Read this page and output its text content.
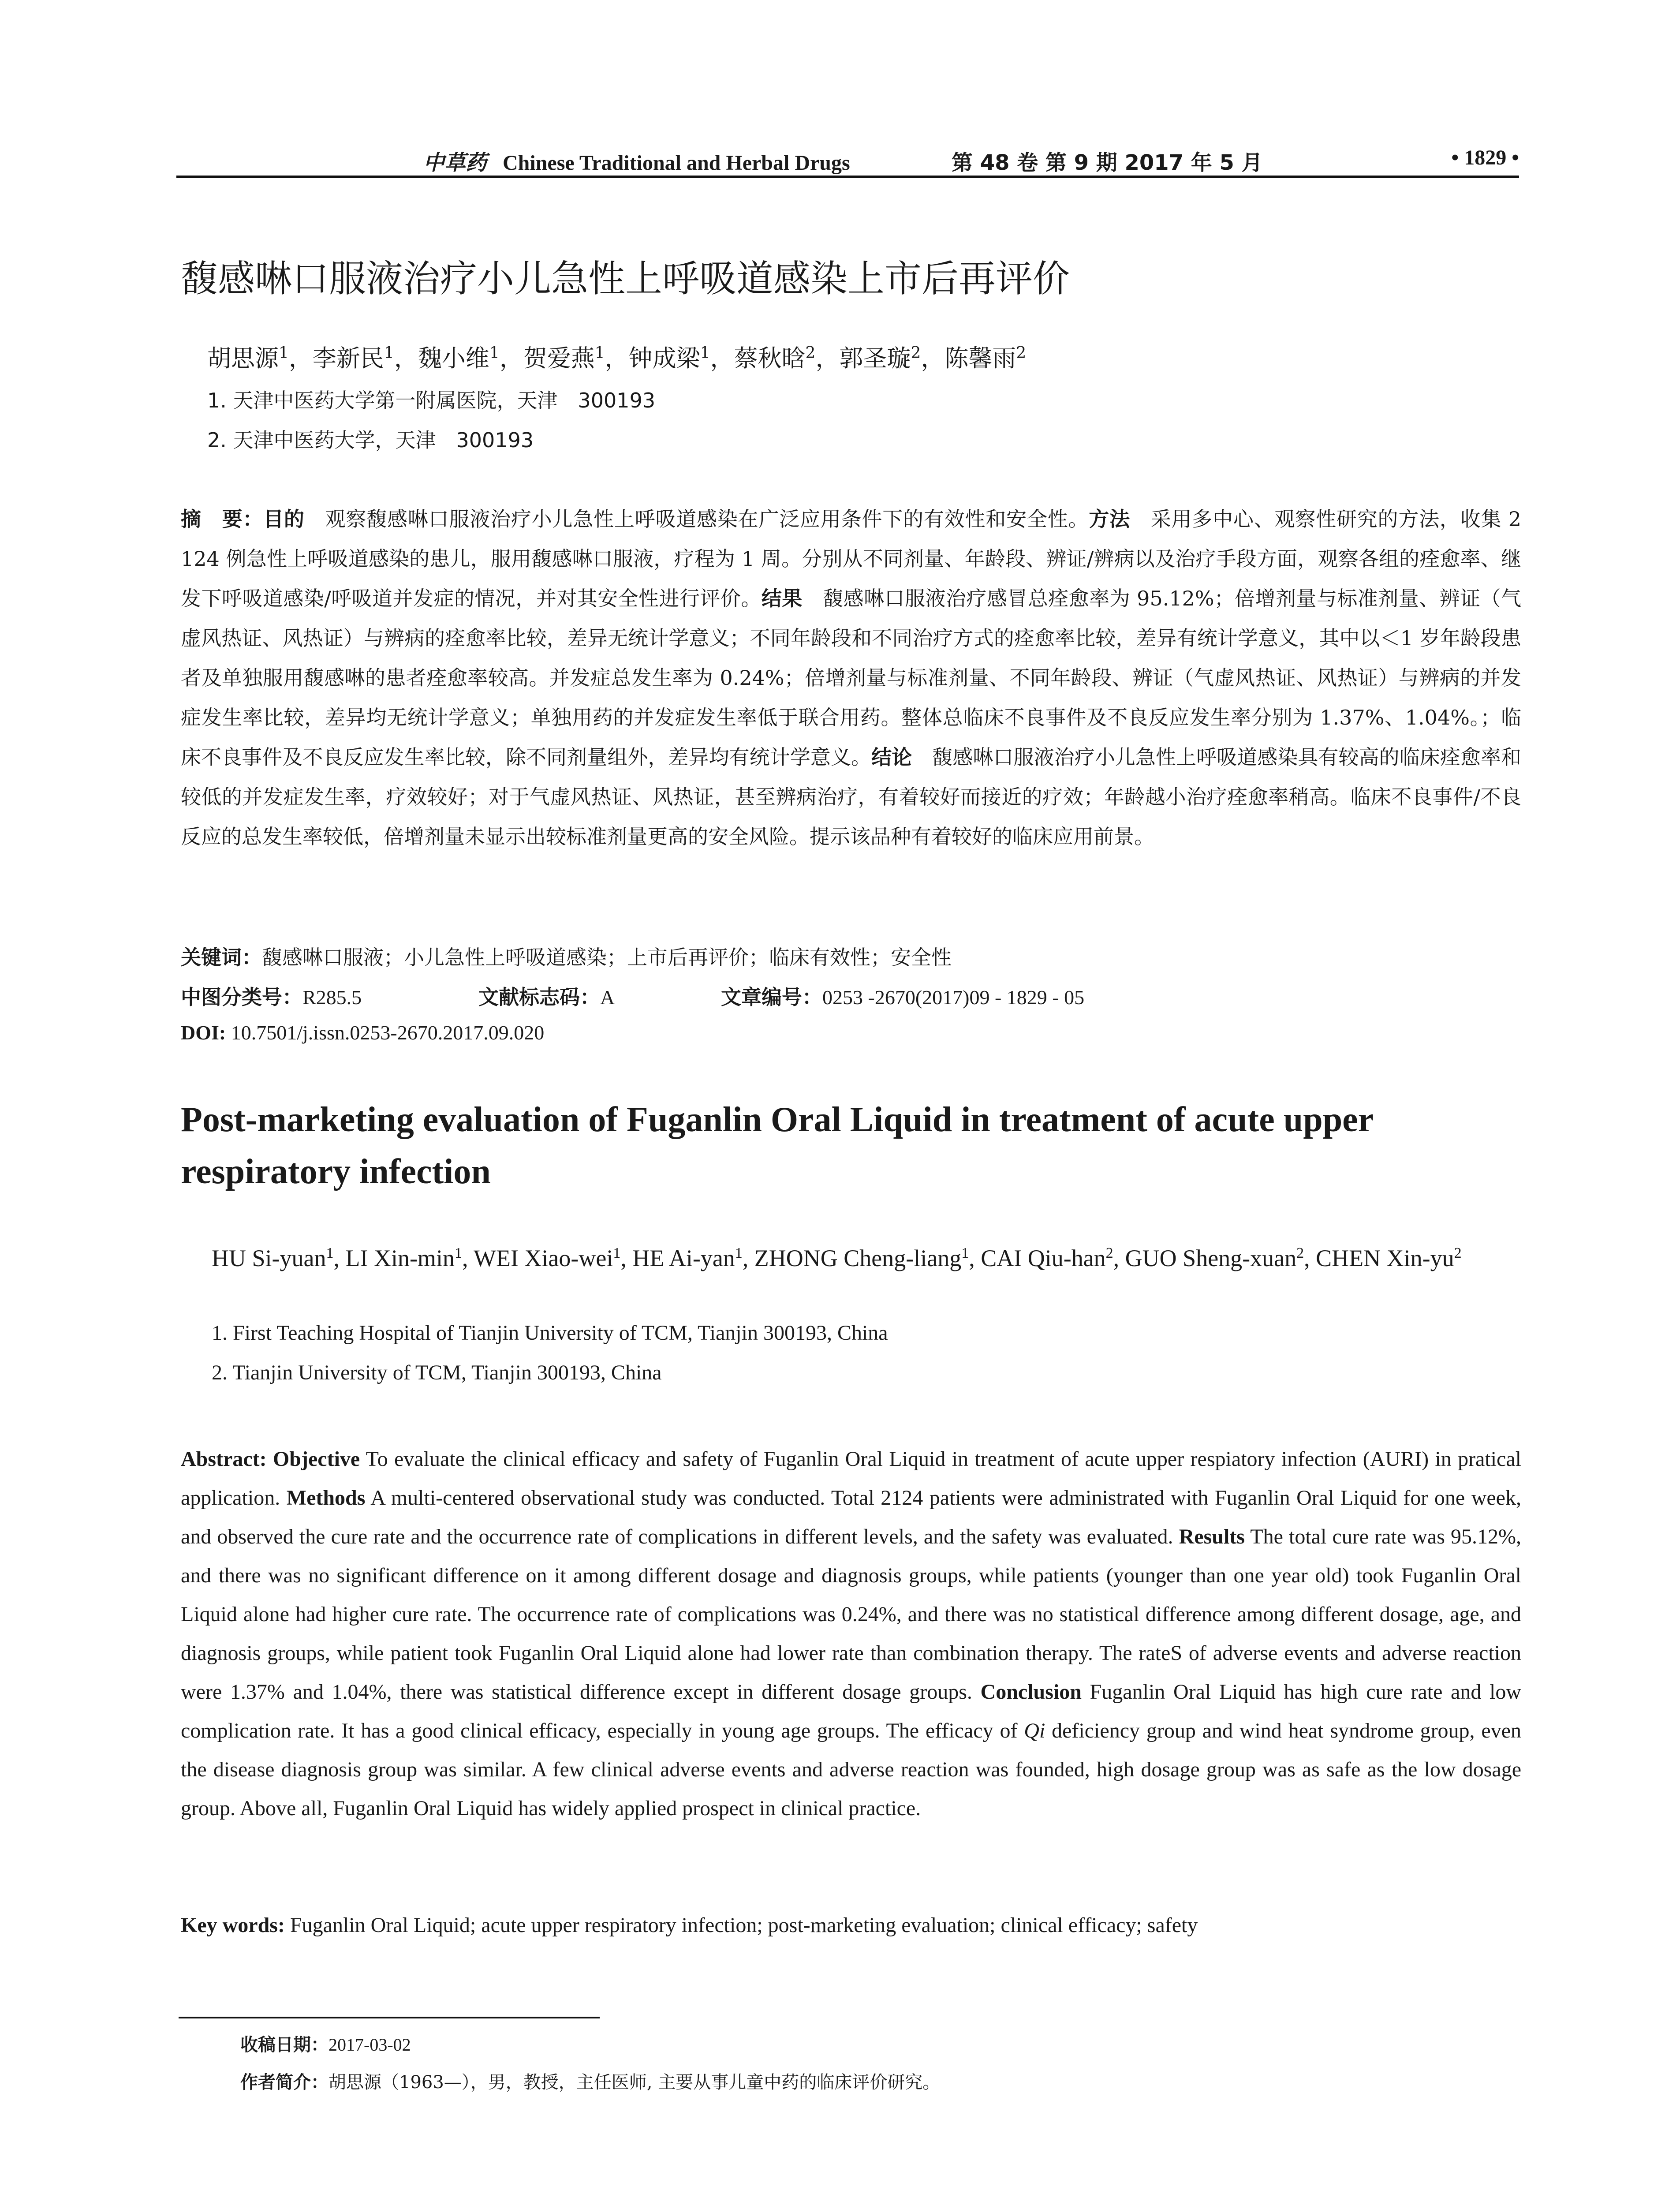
中草药 Chinese Traditional and Herbal Drugs	第 48 卷 第 9 期 2017 年 5 月	• 1829 •
馥感啉口服液治疗小儿急性上呼吸道感染上市后再评价
胡思源$^1$，李新民$^1$，魏小维$^1$，贺爱燕$^1$，钟成梁$^1$，蔡秋晗$^2$，郭圣璇$^2$，陈馨雨$^2$
1. 天津中医药大学第一附属医院，天津　300193
2. 天津中医药大学，天津　300193
摘　要：目的　观察馥感啉口服液治疗小儿急性上呼吸道感染在广泛应用条件下的有效性和安全性。方法　采用多中心、观察性研究的方法，收集 2 124 例急性上呼吸道感染的患儿，服用馥感啉口服液，疗程为 1 周。分别从不同剂量、年龄段、辨证/辨病以及治疗手段方面，观察各组的痊愈率、继发下呼吸道感染/呼吸道并发症的情况，并对其安全性进行评价。结果　馥感啉口服液治疗感冒总痊愈率为 95.12%；倍增剂量与标准剂量、辨证（气虚风热证、风热证）与辨病的痊愈率比较，差异无统计学意义；不同年龄段和不同治疗方式的痊愈率比较，差异有统计学意义，其中以＜1 岁年龄段患者及单独服用馥感啉的患者痊愈率较高。并发症总发生率为 0.24%；倍增剂量与标准剂量、不同年龄段、辨证（气虚风热证、风热证）与辨病的并发症发生率比较，差异均无统计学意义；单独用药的并发症发生率低于联合用药。整体总临床不良事件及不良反应发生率分别为 1.37%、1.04%。；临床不良事件及不良反应发生率比较，除不同剂量组外，差异均有统计学意义。结论　馥感啉口服液治疗小儿急性上呼吸道感染具有较高的临床痊愈率和较低的并发症发生率，疗效较好；对于气虚风热证、风热证，甚至辨病治疗，有着较好而接近的疗效；年龄越小治疗痊愈率稍高。临床不良事件/不良反应的总发生率较低，倍增剂量未显示出较标准剂量更高的安全风险。提示该品种有着较好的临床应用前景。
关键词：馥感啉口服液；小儿急性上呼吸道感染；上市后再评价；临床有效性；安全性
中图分类号：R285.5	文献标志码：A	文章编号：0253 -2670(2017)09 - 1829 - 05
DOI: 10.7501/j.issn.0253-2670.2017.09.020
Post-marketing evaluation of Fuganlin Oral Liquid in treatment of acute upper respiratory infection
HU Si-yuan$^1$, LI Xin-$\min^1$, WEI Xiao-wei$^1$, HE Ai-yan$^1$, ZHONG Cheng-liang$^1$, CAI Qiu-han$^2$, GUO Sheng-xuan$^2$, CHEN Xin-$yu^2$
1. First Teaching Hospital of Tianjin University of TCM, Tianjin 300193, China
2. Tianjin University of TCM, Tianjin 300193, China
Abstract: Objective To evaluate the clinical efficacy and safety of Fuganlin Oral Liquid in treatment of acute upper respiatory infection (AURI) in pratical application. Methods A multi-centered observational study was conducted. Total 2124 patients were administrated with Fuganlin Oral Liquid for one week, and observed the cure rate and the occurrence rate of complications in different levels, and the safety was evaluated. Results The total cure rate was 95.12%, and there was no significant difference on it among different dosage and diagnosis groups, while patients (younger than one year old) took Fuganlin Oral Liquid alone had higher cure rate. The occurrence rate of complications was 0.24%, and there was no statistical difference among different dosage, age, and diagnosis groups, while patient took Fuganlin Oral Liquid alone had lower rate than combination therapy. The rateS of adverse events and adverse reaction were 1.37% and 1.04%, there was statistical difference except in different dosage groups. Conclusion Fuganlin Oral Liquid has high cure rate and low complication rate. It has a good clinical efficacy, especially in young age groups. The efficacy of Qi deficiency group and wind heat syndrome group, even the disease diagnosis group was similar. A few clinical adverse events and adverse reaction was founded, high dosage group was as safe as the low dosage group. Above all, Fuganlin Oral Liquid has widely applied prospect in clinical practice.
Key words: Fuganlin Oral Liquid; acute upper respiratory infection; post-marketing evaluation; clinical efficacy; safety
收稿日期：2017-03-02
作者简介：胡思源（1963—），男，教授，主任医师, 主要从事儿童中药的临床评价研究。
